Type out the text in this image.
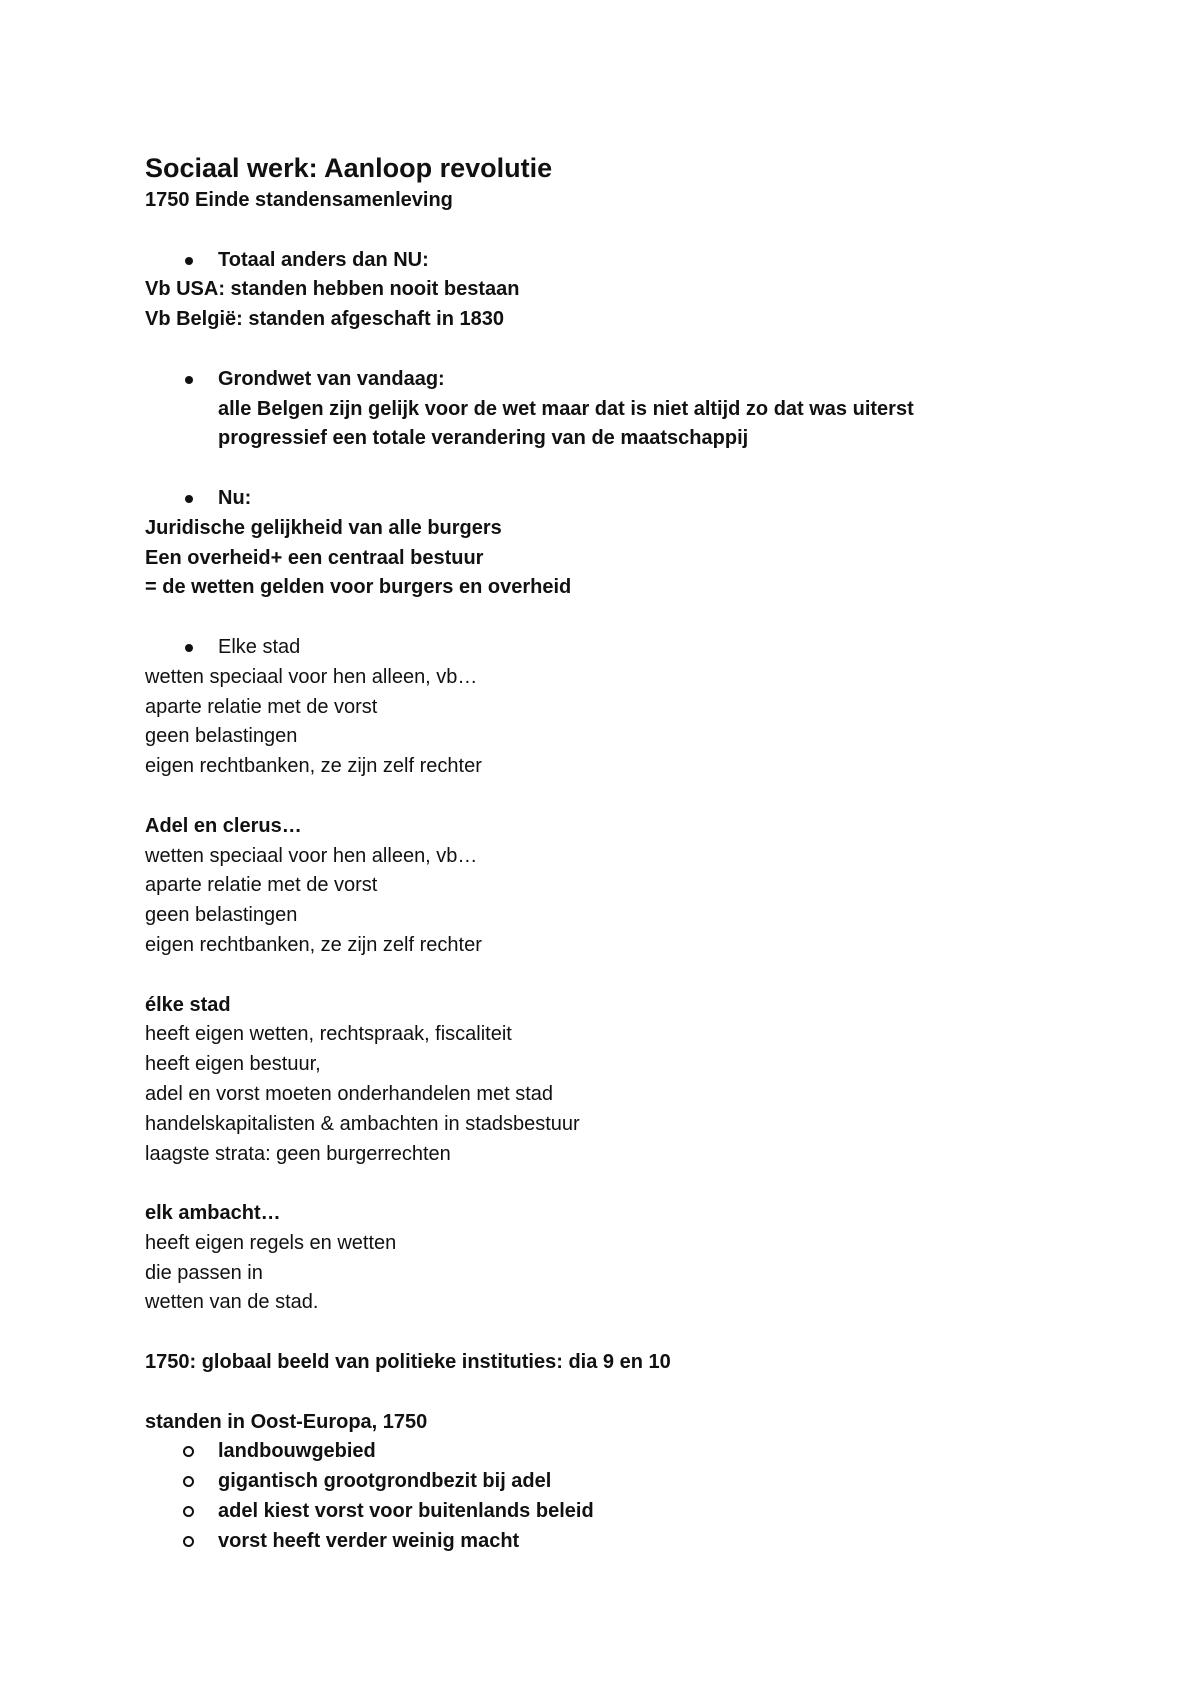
Sociaal werk: Aanloop revolutie

1750 Einde standensamenleving

Totaal anders dan NU:

Vb USA: standen hebben nooit bestaan

Vb België: standen afgeschaft in 1830

Grondwet van vandaag:

alle Belgen zijn gelijk voor de wet maar dat is niet altijd zo dat was uiterst

progressief een totale verandering van de maatschappij

Nu:

Juridische gelijkheid van alle burgers

Een overheid+ een centraal bestuur

= de wetten gelden voor burgers en overheid

Elke stad

wetten speciaal voor hen alleen, vb…

aparte relatie met de vorst

geen belastingen

eigen rechtbanken, ze zijn zelf rechter

Adel en clerus…

wetten speciaal voor hen alleen, vb…

aparte relatie met de vorst

geen belastingen

eigen rechtbanken, ze zijn zelf rechter

élke stad

heeft eigen wetten, rechtspraak, fiscaliteit

heeft eigen bestuur,

adel en vorst moeten onderhandelen met stad

handelskapitalisten & ambachten in stadsbestuur

laagste strata: geen burgerrechten

elk ambacht…

heeft eigen regels en wetten

die passen in

wetten van de stad.

1750: globaal beeld van politieke instituties: dia 9 en 10

standen in Oost-Europa, 1750

landbouwgebied

gigantisch grootgrondbezit bij adel

adel kiest vorst voor buitenlands beleid

vorst heeft verder weinig macht
